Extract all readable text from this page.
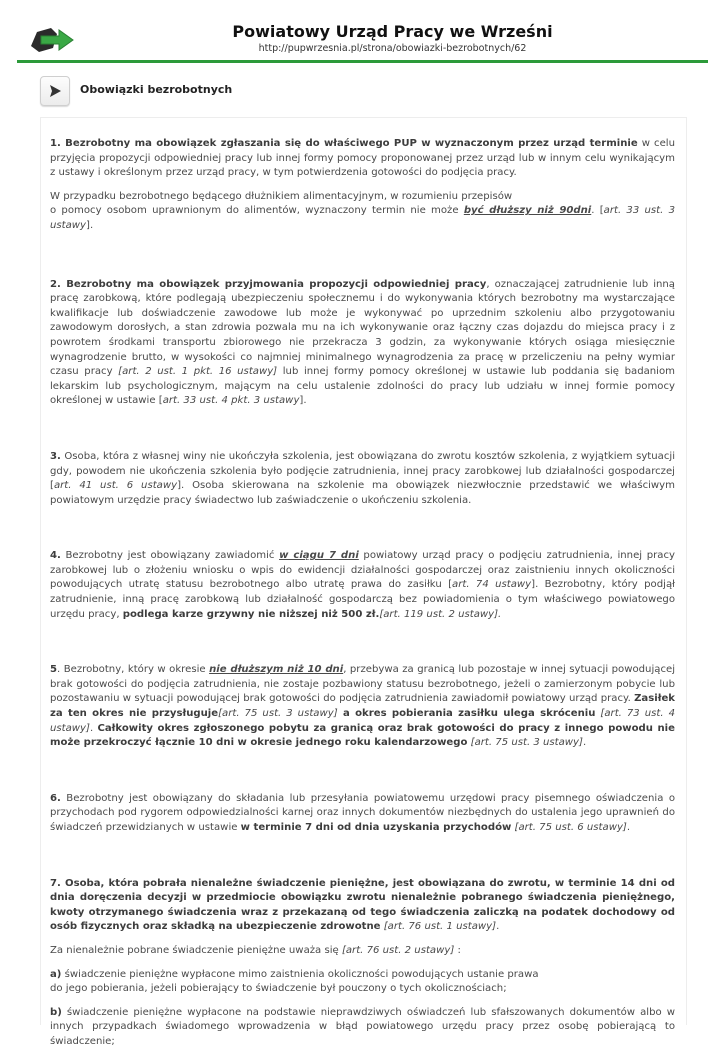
Powiatowy Urząd Pracy we Wrześni
http://pupwrzesnia.pl/strona/obowiazki-bezrobotnych/62
Obowiązki bezrobotnych

1. Bezrobotny ma obowiązek zgłaszania się do właściwego PUP w wyznaczonym przez urząd terminie w celu przyjęcia propozycji odpowiedniej pracy lub innej formy pomocy proponowanej przez urząd lub w innym celu wynikającym z ustawy i określonym przez urząd pracy, w tym potwierdzenia gotowości do podjęcia pracy.

W przypadku bezrobotnego będącego dłużnikiem alimentacyjnym, w rozumieniu przepisów
o pomocy osobom uprawnionym do alimentów, wyznaczony termin nie może być dłuższy niż 90dni. [art. 33 ust. 3 ustawy].

2. Bezrobotny ma obowiązek przyjmowania propozycji odpowiedniej pracy, oznaczającej zatrudnienie lub inną pracę zarobkową, które podlegają ubezpieczeniu społecznemu i do wykonywania których bezrobotny ma wystarczające kwalifikacje lub doświadczenie zawodowe lub może je wykonywać po uprzednim szkoleniu albo przygotowaniu zawodowym dorosłych, a stan zdrowia pozwala mu na ich wykonywanie oraz łączny czas dojazdu do miejsca pracy i z powrotem środkami transportu zbiorowego nie przekracza 3 godzin, za wykonywanie których osiąga miesięcznie wynagrodzenie brutto, w wysokości co najmniej minimalnego wynagrodzenia za pracę w przeliczeniu na pełny wymiar czasu pracy [art. 2 ust. 1 pkt. 16 ustawy] lub innej formy pomocy określonej w ustawie lub poddania się badaniom lekarskim lub psychologicznym, mającym na celu ustalenie zdolności do pracy lub udziału w innej formie pomocy określonej w ustawie [art. 33 ust. 4 pkt. 3 ustawy].

3. Osoba, która z własnej winy nie ukończyła szkolenia, jest obowiązana do zwrotu kosztów szkolenia, z wyjątkiem sytuacji gdy, powodem nie ukończenia szkolenia było podjęcie zatrudnienia, innej pracy zarobkowej lub działalności gospodarczej [art. 41 ust. 6 ustawy]. Osoba skierowana na szkolenie ma obowiązek niezwłocznie przedstawić we właściwym powiatowym urzędzie pracy świadectwo lub zaświadczenie o ukończeniu szkolenia.

4. Bezrobotny jest obowiązany zawiadomić w ciągu 7 dni powiatowy urząd pracy o podjęciu zatrudnienia, innej pracy zarobkowej lub o złożeniu wniosku o wpis do ewidencji działalności gospodarczej oraz zaistnieniu innych okoliczności powodujących utratę statusu bezrobotnego albo utratę prawa do zasiłku [art. 74 ustawy]. Bezrobotny, który podjął zatrudnienie, inną pracę zarobkową lub działalność gospodarczą bez powiadomienia o tym właściwego powiatowego urzędu pracy, podlega karze grzywny nie niższej niż 500 zł.[art. 119 ust. 2 ustawy].

5. Bezrobotny, który w okresie nie dłuższym niż 10 dni, przebywa za granicą lub pozostaje w innej sytuacji powodującej brak gotowości do podjęcia zatrudnienia, nie zostaje pozbawiony statusu bezrobotnego, jeżeli o zamierzonym pobycie lub pozostawaniu w sytuacji powodującej brak gotowości do podjęcia zatrudnienia zawiadomił powiatowy urząd pracy. Zasiłek za ten okres nie przysługuje[art. 75 ust. 3 ustawy] a okres pobierania zasiłku ulega skróceniu [art. 73 ust. 4 ustawy]. Całkowity okres zgłoszonego pobytu za granicą oraz brak gotowości do pracy z innego powodu nie może przekroczyć łącznie 10 dni w okresie jednego roku kalendarzowego [art. 75 ust. 3 ustawy].

6. Bezrobotny jest obowiązany do składania lub przesyłania powiatowemu urzędowi pracy pisemnego oświadczenia o przychodach pod rygorem odpowiedzialności karnej oraz innych dokumentów niezbędnych do ustalenia jego uprawnień do świadczeń przewidzianych w ustawie w terminie 7 dni od dnia uzyskania przychodów [art. 75 ust. 6 ustawy].

7. Osoba, która pobrała nienależne świadczenie pieniężne, jest obowiązana do zwrotu, w terminie 14 dni od dnia doręczenia decyzji w przedmiocie obowiązku zwrotu nienależnie pobranego świadczenia pieniężnego, kwoty otrzymanego świadczenia wraz z przekazaną od tego świadczenia zaliczką na podatek dochodowy od osób fizycznych oraz składką na ubezpieczenie zdrowotne [art. 76 ust. 1 ustawy].

Za nienależnie pobrane świadczenie pieniężne uważa się [art. 76 ust. 2 ustawy] :

a) świadczenie pieniężne wypłacone mimo zaistnienia okoliczności powodujących ustanie prawa
do jego pobierania, jeżeli pobierający to świadczenie był pouczony o tych okolicznościach;

b) świadczenie pieniężne wypłacone na podstawie nieprawdziwych oświadczeń lub sfałszowanych dokumentów albo w innych przypadkach świadomego wprowadzenia w błąd powiatowego urzędu pracy przez osobę pobierającą to świadczenie;
